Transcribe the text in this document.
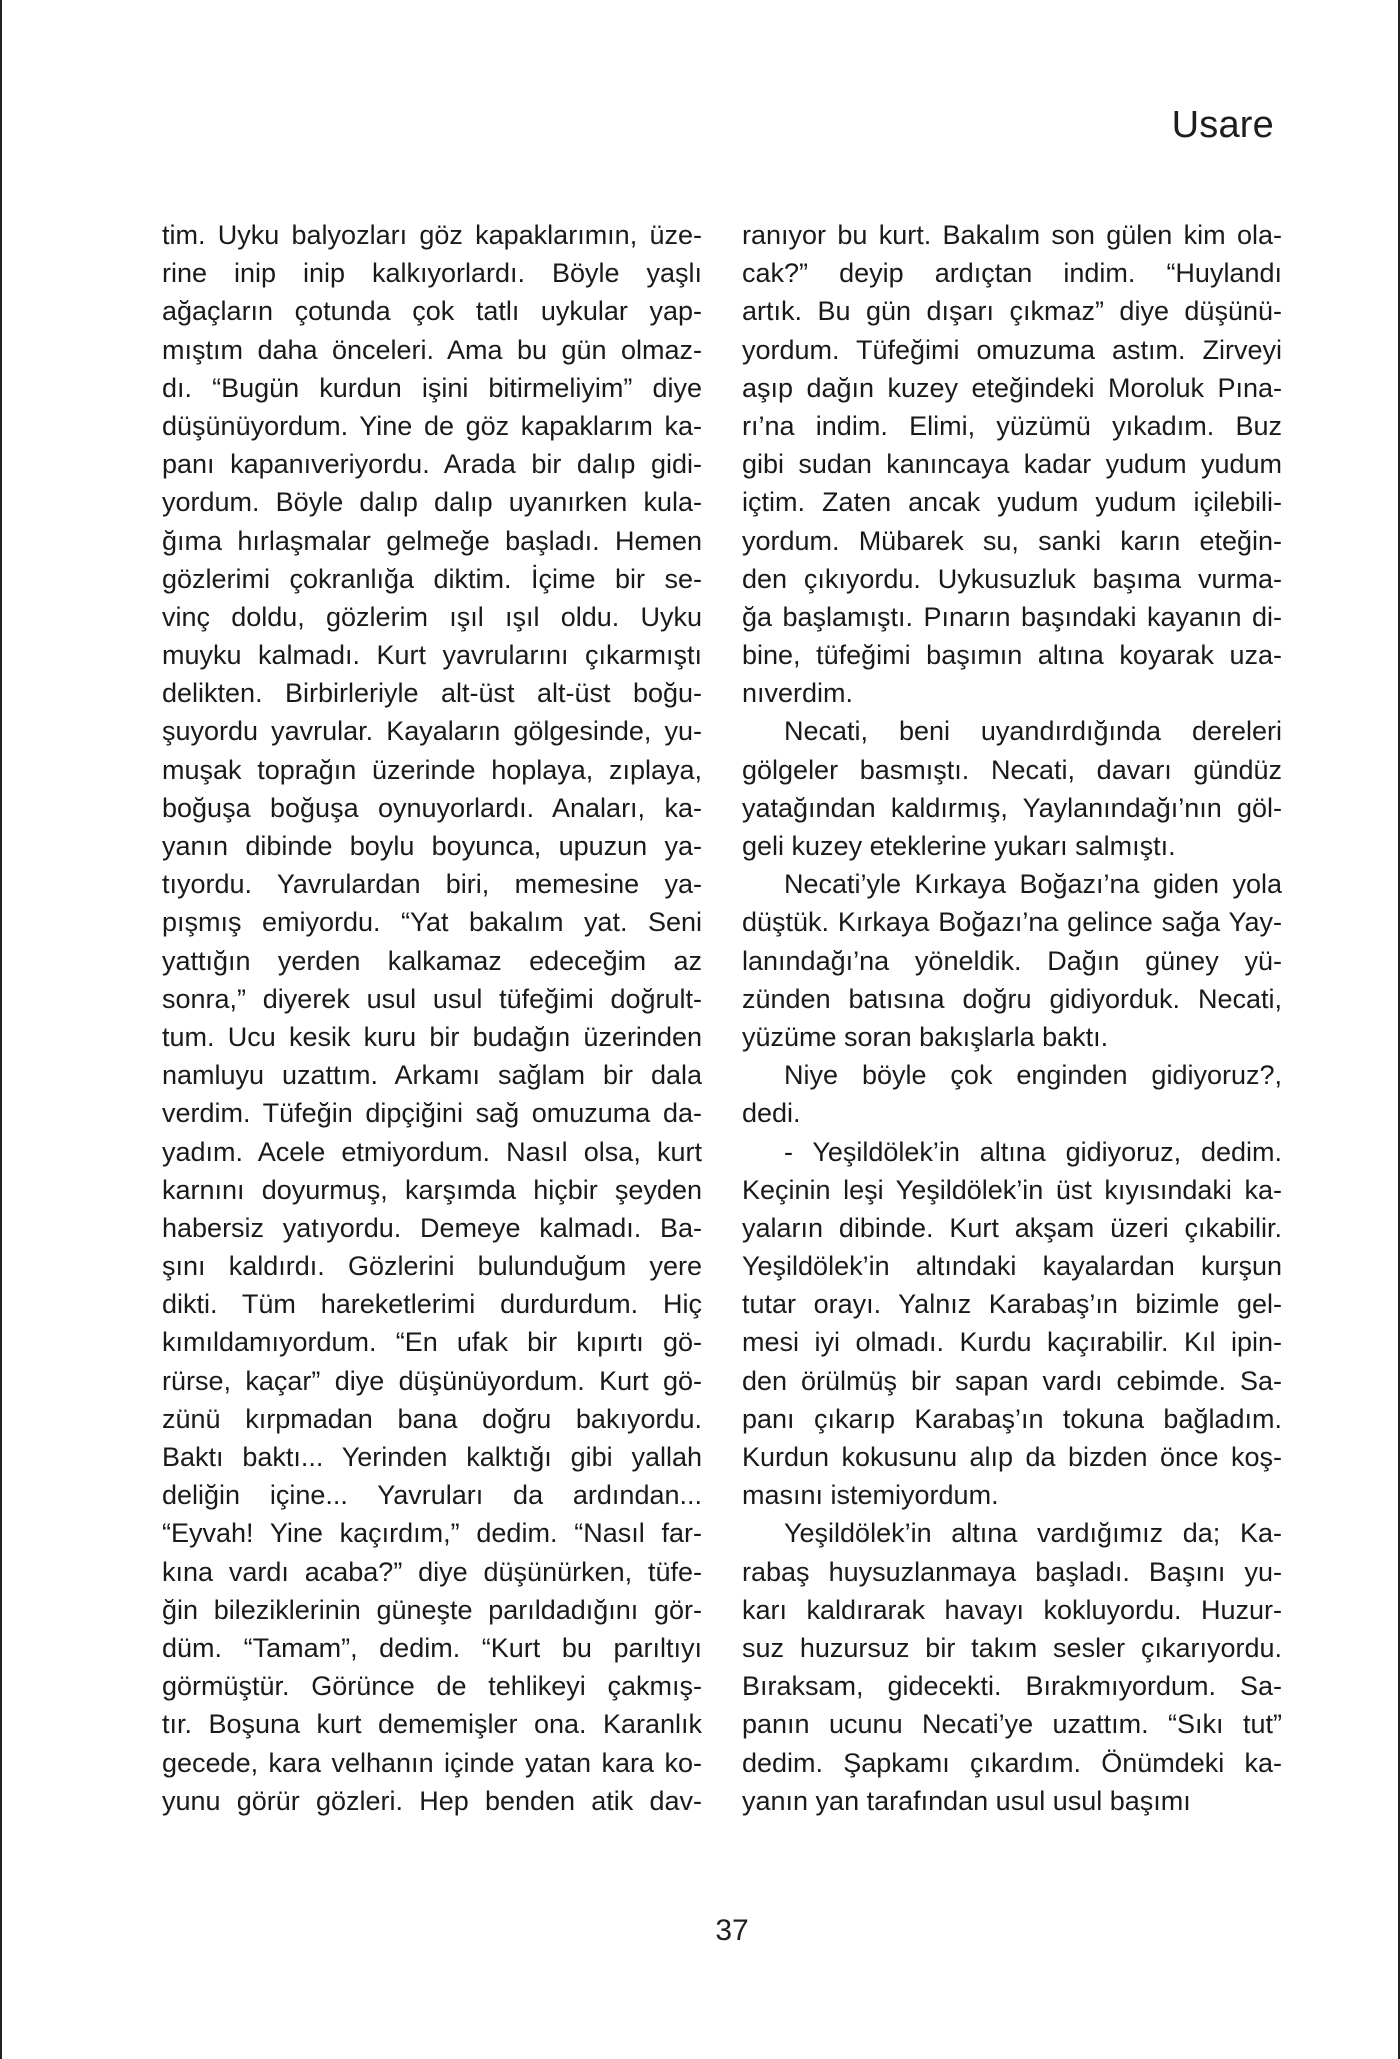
Usare
tim. Uyku balyozları göz kapaklarımın, üze-
rine inip inip kalkıyorlardı. Böyle yaşlı
ağaçların çotunda çok tatlı uykular yap-
mıştım daha önceleri. Ama bu gün olmaz-
dı. “Bugün kurdun işini bitirmeliyim” diye
düşünüyordum. Yine de göz kapaklarım ka-
panı kapanıveriyordu. Arada bir dalıp gidi-
yordum. Böyle dalıp dalıp uyanırken kula-
ğıma hırlaşmalar gelmeğe başladı. Hemen
gözlerimi çokranlığa diktim. İçime bir se-
vinç doldu, gözlerim ışıl ışıl oldu. Uyku
muyku kalmadı. Kurt yavrularını çıkarmıştı
delikten. Birbirleriyle alt-üst alt-üst boğu-
şuyordu yavrular. Kayaların gölgesinde, yu-
muşak toprağın üzerinde hoplaya, zıplaya,
boğuşa boğuşa oynuyorlardı. Anaları, ka-
yanın dibinde boylu boyunca, upuzun ya-
tıyordu. Yavrulardan biri, memesine ya-
pışmış emiyordu. “Yat bakalım yat. Seni
yattığın yerden kalkamaz edeceğim az
sonra,” diyerek usul usul tüfeğimi doğrult-
tum. Ucu kesik kuru bir budağın üzerinden
namluyu uzattım. Arkamı sağlam bir dala
verdim. Tüfeğin dipçiğini sağ omuzuma da-
yadım. Acele etmiyordum. Nasıl olsa, kurt
karnını doyurmuş, karşımda hiçbir şeyden
habersiz yatıyordu. Demeye kalmadı. Ba-
şını kaldırdı. Gözlerini bulunduğum yere
dikti. Tüm hareketlerimi durdurdum. Hiç
kımıldamıyordum. “En ufak bir kıpırtı gö-
rürse, kaçar” diye düşünüyordum. Kurt gö-
zünü kırpmadan bana doğru bakıyordu.
Baktı baktı... Yerinden kalktığı gibi yallah
deliğin içine... Yavruları da ardından...
“Eyvah! Yine kaçırdım,” dedim. “Nasıl far-
kına vardı acaba?” diye düşünürken, tüfe-
ğin bileziklerinin güneşte parıldadığını gör-
düm. “Tamam”, dedim. “Kurt bu parıltıyı
görmüştür. Görünce de tehlikeyi çakmış-
tır. Boşuna kurt dememişler ona. Karanlık
gecede, kara velhanın içinde yatan kara ko-
yunu görür gözleri. Hep benden atik dav-
ranıyor bu kurt. Bakalım son gülen kim ola-
cak?” deyip ardıçtan indim. “Huylandı
artık. Bu gün dışarı çıkmaz” diye düşünü-
yordum. Tüfeğimi omuzuma astım. Zirveyi
aşıp dağın kuzey eteğindeki Moroluk Pına-
rı’na indim. Elimi, yüzümü yıkadım. Buz
gibi sudan kanıncaya kadar yudum yudum
içtim. Zaten ancak yudum yudum içilebili-
yordum. Mübarek su, sanki karın eteğin-
den çıkıyordu. Uykusuzluk başıma vurma-
ğa başlamıştı. Pınarın başındaki kayanın di-
bine, tüfeğimi başımın altına koyarak uza-
nıverdim.
Necati, beni uyandırdığında dereleri
gölgeler basmıştı. Necati, davarı gündüz
yatağından kaldırmış, Yaylanındağı’nın göl-
geli kuzey eteklerine yukarı salmıştı.
Necati’yle Kırkaya Boğazı’na giden yola
düştük. Kırkaya Boğazı’na gelince sağa Yay-
lanındağı’na yöneldik. Dağın güney yü-
zünden batısına doğru gidiyorduk. Necati,
yüzüme soran bakışlarla baktı.
Niye böyle çok enginden gidiyoruz?,
dedi.
- Yeşildölek’in altına gidiyoruz, dedim.
Keçinin leşi Yeşildölek’in üst kıyısındaki ka-
yaların dibinde. Kurt akşam üzeri çıkabilir.
Yeşildölek’in altındaki kayalardan kurşun
tutar orayı. Yalnız Karabaş’ın bizimle gel-
mesi iyi olmadı. Kurdu kaçırabilir. Kıl ipin-
den örülmüş bir sapan vardı cebimde. Sa-
panı çıkarıp Karabaş’ın tokuna bağladım.
Kurdun kokusunu alıp da bizden önce koş-
masını istemiyordum.
Yeşildölek’in altına vardığımız da; Ka-
rabaş huysuzlanmaya başladı. Başını yu-
karı kaldırarak havayı kokluyordu. Huzur-
suz huzursuz bir takım sesler çıkarıyordu.
Bıraksam, gidecekti. Bırakmıyordum. Sa-
panın ucunu Necati’ye uzattım. “Sıkı tut”
dedim. Şapkamı çıkardım. Önümdeki ka-
yanın yan tarafından usul usul başımı
37
